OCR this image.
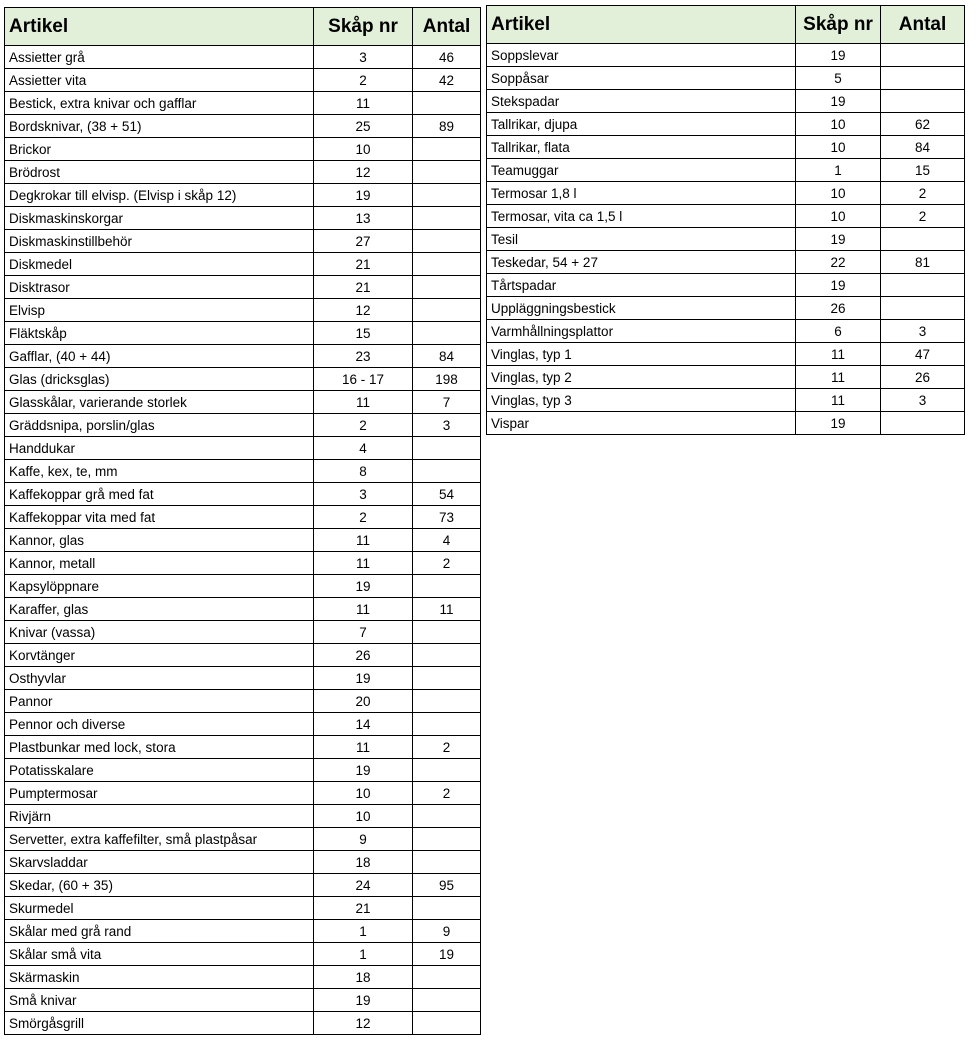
Artikel	Skåp nr	Antal
Assietter grå	3	46
Assietter vita	2	42
Bestick, extra knivar och gafflar	11	
Bordsknivar, (38 + 51)	25	89
Brickor	10	
Brödrost	12	
Degkrokar till elvisp. (Elvisp i skåp 12)	19	
Diskmaskinskorgar	13	
Diskmaskinstillbehör	27	
Diskmedel	21	
Disktrasor	21	
Elvisp	12	
Fläktskåp	15	
Gafflar, (40 + 44)	23	84
Glas (dricksglas)	16 - 17	198
Glasskålar, varierande storlek	11	7
Gräddsnipa, porslin/glas	2	3
Handdukar	4	
Kaffe, kex, te, mm	8	
Kaffekoppar grå med fat	3	54
Kaffekoppar vita med fat	2	73
Kannor, glas	11	4
Kannor, metall	11	2
Kapsylöppnare	19	
Karaffer, glas	11	11
Knivar (vassa)	7	
Korvtänger	26	
Osthyvlar	19	
Pannor	20	
Pennor och diverse	14	
Plastbunkar med lock, stora	11	2
Potatisskalare	19	
Pumptermosar	10	2
Rivjärn	10	
Servetter, extra kaffefilter, små plastpåsar	9	
Skarvsladdar	18	
Skedar, (60 + 35)	24	95
Skurmedel	21	
Skålar med grå rand	1	9
Skålar små vita	1	19
Skärmaskin	18	
Små knivar	19	
Smörgåsgrill	12	
Artikel	Skåp nr	Antal
Soppslevar	19	
Soppåsar	5	
Stekspadar	19	
Tallrikar, djupa	10	62
Tallrikar, flata	10	84
Teamuggar	1	15
Termosar 1,8 l	10	2
Termosar, vita ca 1,5 l	10	2
Tesil	19	
Teskedar, 54 + 27	22	81
Tårtspadar	19	
Uppläggningsbestick	26	
Varmhållningsplattor	6	3
Vinglas, typ 1	11	47
Vinglas, typ 2	11	26
Vinglas, typ 3	11	3
Vispar	19	
